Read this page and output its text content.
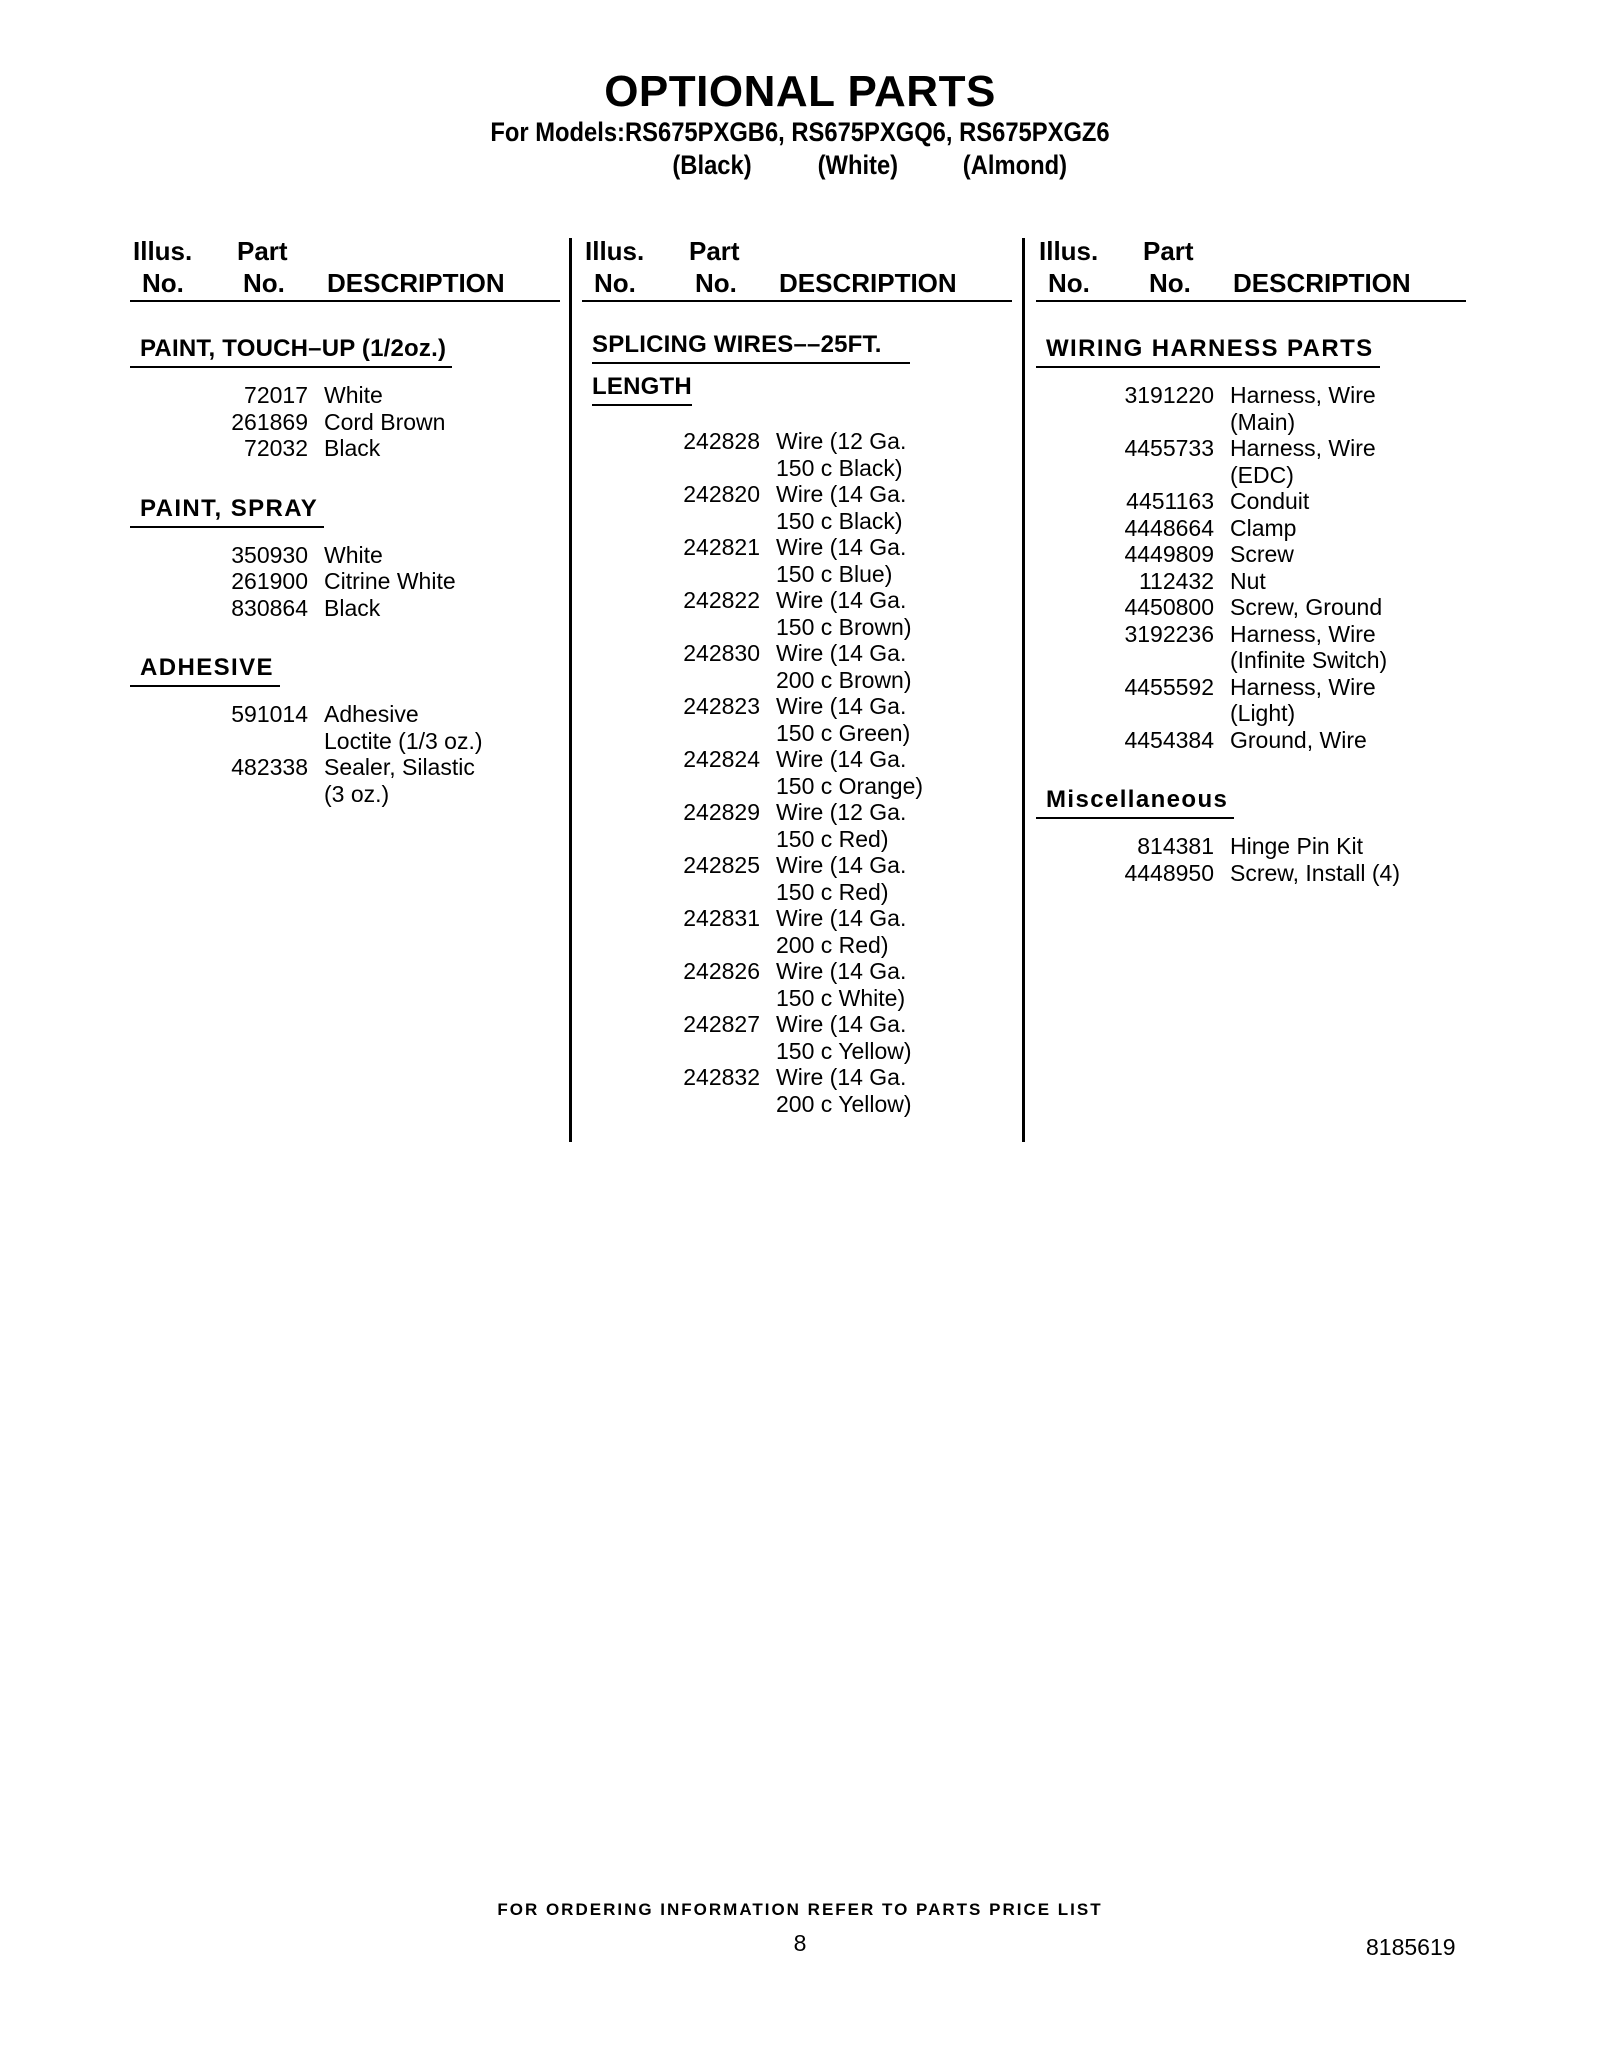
OPTIONAL PARTS
For Models:RS675PXGB6, RS675PXGQ6, RS675PXGZ6
(Black) (White) (Almond)
Illus. Part
No. No. DESCRIPTION
PAINT, TOUCH–UP (1/2oz.)
72017 White
261869 Cord Brown
72032 Black
PAINT, SPRAY
350930 White
261900 Citrine White
830864 Black
ADHESIVE
591014 Adhesive
Loctite (1/3 oz.)
482338 Sealer, Silastic
(3 oz.)
Illus. Part
No. No. DESCRIPTION
SPLICING WIRES––25FT.
LENGTH
242828 Wire (12 Ga.
150 c Black)
242820 Wire (14 Ga.
150 c Black)
242821 Wire (14 Ga.
150 c Blue)
242822 Wire (14 Ga.
150 c Brown)
242830 Wire (14 Ga.
200 c Brown)
242823 Wire (14 Ga.
150 c Green)
242824 Wire (14 Ga.
150 c Orange)
242829 Wire (12 Ga.
150 c Red)
242825 Wire (14 Ga.
150 c Red)
242831 Wire (14 Ga.
200 c Red)
242826 Wire (14 Ga.
150 c White)
242827 Wire (14 Ga.
150 c Yellow)
242832 Wire (14 Ga.
200 c Yellow)
Illus. Part
No. No. DESCRIPTION
WIRING HARNESS PARTS
3191220 Harness, Wire
(Main)
4455733 Harness, Wire
(EDC)
4451163 Conduit
4448664 Clamp
4449809 Screw
112432 Nut
4450800 Screw, Ground
3192236 Harness, Wire
(Infinite Switch)
4455592 Harness, Wire
(Light)
4454384 Ground, Wire
Miscellaneous
814381 Hinge Pin Kit
4448950 Screw, Install (4)
FOR ORDERING INFORMATION REFER TO PARTS PRICE LIST
8	8185619
